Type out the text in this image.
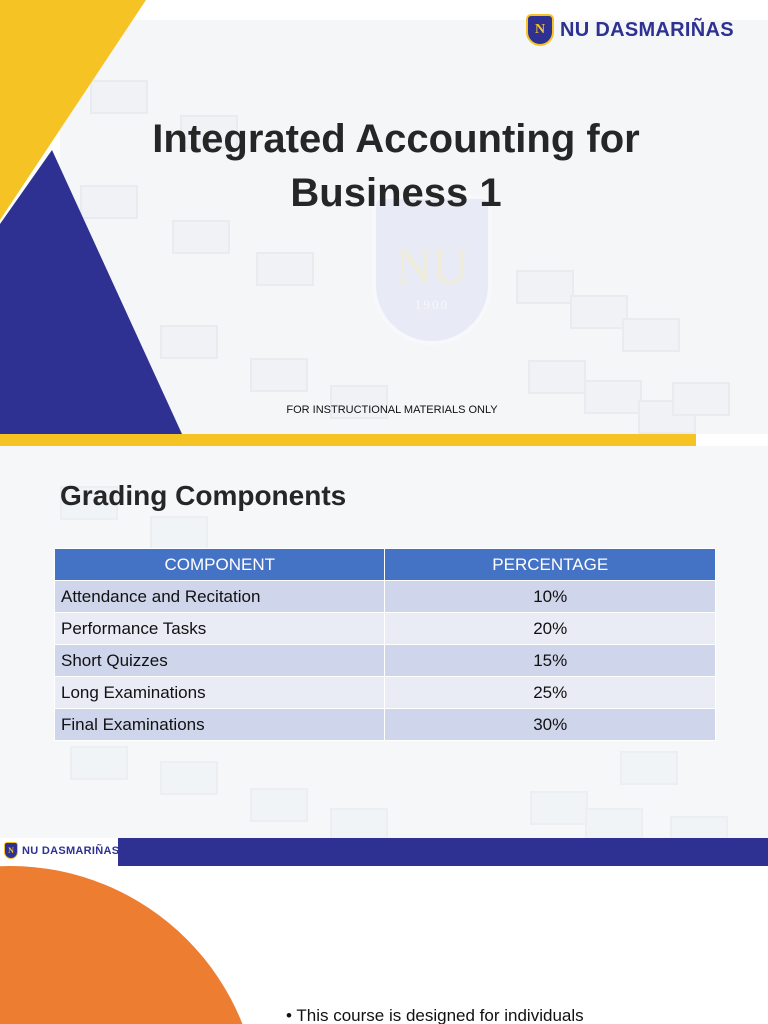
N NU DASMARIÑAS
Integrated Accounting for
Business 1
FOR INSTRUCTIONAL MATERIALS ONLY
Grading Components
COMPONENT	PERCENTAGE
Attendance and Recitation	10%
Performance Tasks	20%
Short Quizzes	15%
Long Examinations	25%
Final Examinations	30%
N NU DASMARIÑAS
• This course is designed for individuals
